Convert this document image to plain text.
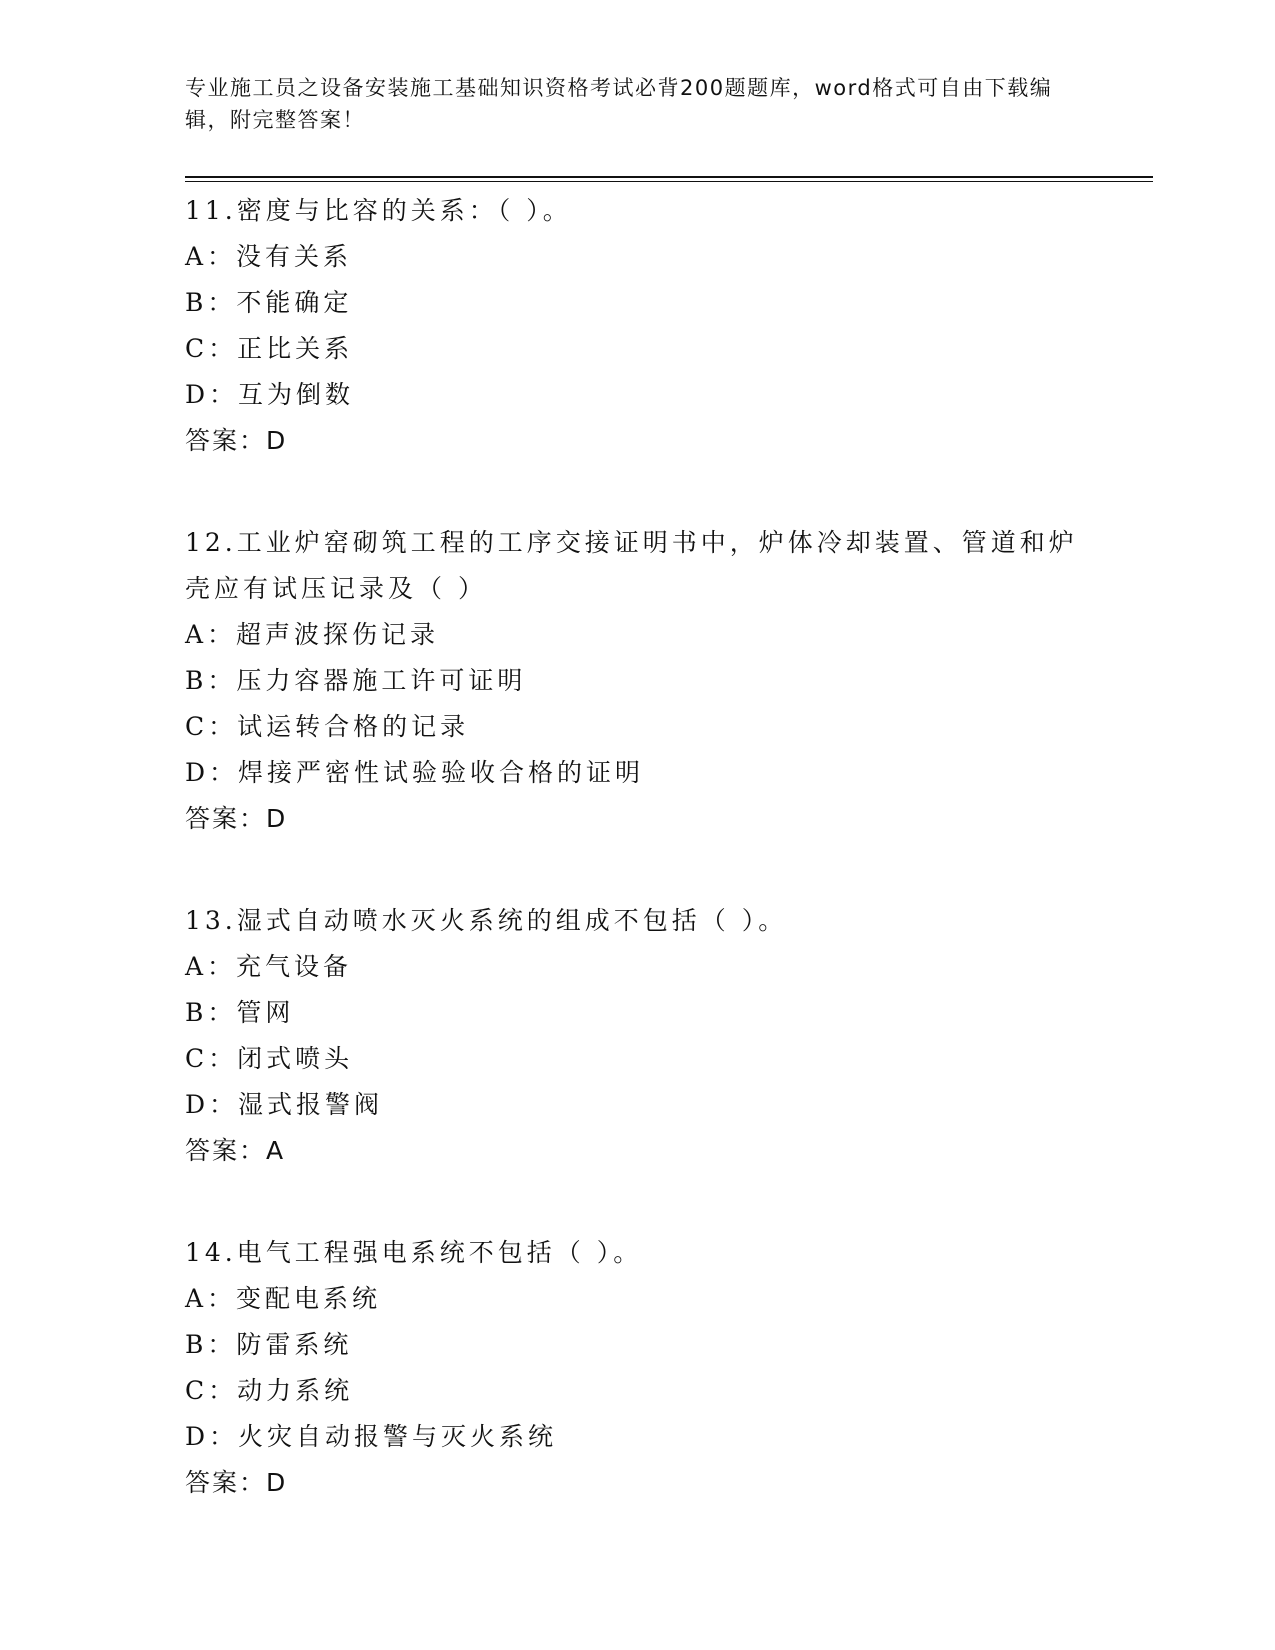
专业施工员之设备安装施工基础知识资格考试必背200题题库，word格式可自由下载编辑，附完整答案！

11.密度与比容的关系：（ ）。

A：没有关系

B：不能确定

C：正比关系

D：互为倒数

答案：D

12.工业炉窑砌筑工程的工序交接证明书中，炉体冷却装置、管道和炉壳应有试压记录及（ ）

A：超声波探伤记录

B：压力容器施工许可证明

C：试运转合格的记录

D：焊接严密性试验验收合格的证明

答案：D

13.湿式自动喷水灭火系统的组成不包括（ ）。

A：充气设备

B：管网

C：闭式喷头

D：湿式报警阀

答案：A

14.电气工程强电系统不包括（ ）。

A：变配电系统

B：防雷系统

C：动力系统

D：火灾自动报警与灭火系统

答案：D
